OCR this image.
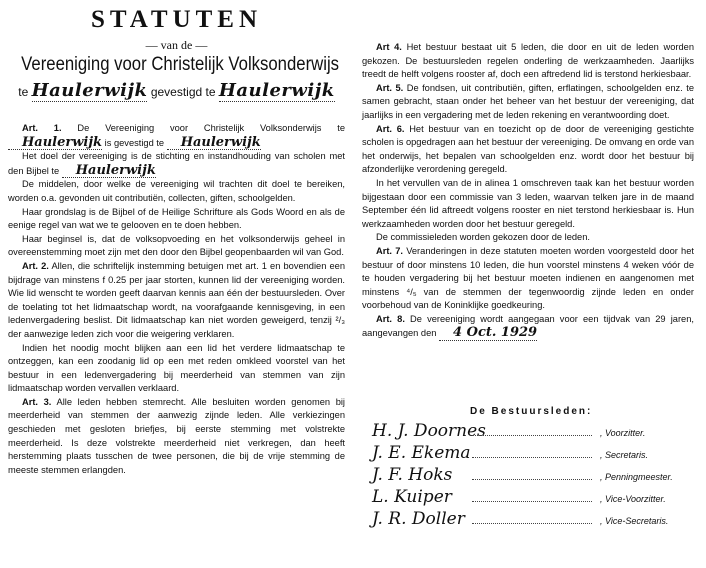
STATUTEN
— van de —
Vereeniging voor Christelijk Volksonderwijs
te Haulerwijk gevestigd te Haulerwijk

Art. 1. De Vereeniging voor Christelijk Volksonderwijs te Haulerwijk is gevestigd te Haulerwijk

Het doel der vereeniging is de stichting en instandhouding van scholen met den Bijbel te Haulerwijk

De middelen, door welke de vereeniging wil trachten dit doel te bereiken, worden o.a. gevonden uit contributiën, collecten, giften, schoolgelden.

Haar grondslag is de Bijbel of de Heilige Schrifture als Gods Woord en als de eenige regel van wat we te gelooven en te doen hebben.

Haar beginsel is, dat de volksopvoeding en het volksonderwijs geheel in overeenstemming moet zijn met den door den Bijbel geopenbaarden wil van God.

Art. 2. Allen, die schriftelijk instemming betuigen met art. 1 en bovendien een bijdrage van minstens f 0.25 per jaar storten, kunnen lid der vereeniging worden. Wie lid wenscht te worden geeft daarvan kennis aan één der bestuursleden. Over de toelating tot het lidmaatschap wordt, na voorafgaande kennisgeving, in een ledenvergadering beslist. Dit lidmaatschap kan niet worden geweigerd, tenzij ²/₃ der aanwezige leden zich voor die weigering verklaren.

Indien het noodig mocht blijken aan een lid het verdere lidmaatschap te ontzeggen, kan een zoodanig lid op een met reden omkleed voorstel van het bestuur in een ledenvergadering bij meerderheid van stemmen van zijn lidmaatschap worden vervallen verklaard.

Art. 3. Alle leden hebben stemrecht. Alle besluiten worden genomen bij meerderheid van stemmen der aanwezig zijnde leden. Alle verkiezingen geschieden met gesloten briefjes, bij eerste stemming met volstrekte meerderheid. Is deze volstrekte meerderheid niet verkregen, dan heeft herstemming plaats tusschen de twee personen, die bij de vrije stemming de meeste stemmen erlangden.

Art 4. Het bestuur bestaat uit 5 leden, die door en uit de leden worden gekozen. De bestuursleden regelen onderling de werkzaamheden. Jaarlijks treedt de helft volgens rooster af, doch een aftredend lid is terstond herkiesbaar.

Art. 5. De fondsen, uit contributiën, giften, erflatingen, schoolgelden enz. te samen gebracht, staan onder het beheer van het bestuur der vereeniging, dat jaarlijks in een vergadering met de leden rekening en verantwoording doet.

Art. 6. Het bestuur van en toezicht op de door de vereeniging gestichte scholen is opgedragen aan het bestuur der vereeniging. De omvang en orde van het onderwijs, het bepalen van schoolgelden enz. wordt door het bestuur bij afzonderlijke verordening geregeld.

In het vervullen van de in alinea 1 omschreven taak kan het bestuur worden bijgestaan door een commissie van 3 leden, waarvan telken jare in de maand September één lid aftreedt volgens rooster en niet terstond herkiesbaar is. Hun werkzaamheden worden door het bestuur geregeld.

De commissieleden worden gekozen door de leden.

Art. 7. Veranderingen in deze statuten moeten worden voorgesteld door het bestuur of door minstens 10 leden, die hun voorstel minstens 4 weken vóór de te houden vergadering bij het bestuur moeten indienen en aangenomen met minstens ⁴/₅ van de stemmen der tegenwoordig zijnde leden en onder voorbehoud van de Koninklijke goedkeuring.

Art. 8. De vereeniging wordt aangegaan voor een tijdvak van 29 jaren, aangevangen den 4 Oct. 1929

De Bestuursleden:
H. J. Doornes	, Voorzitter.
J. E. Ekema	, Secretaris.
J. F. Hoks	, Penningmeester.
L. Kuiper	, Vice-Voorzitter.
J. R. Doller	, Vice-Secretaris.
